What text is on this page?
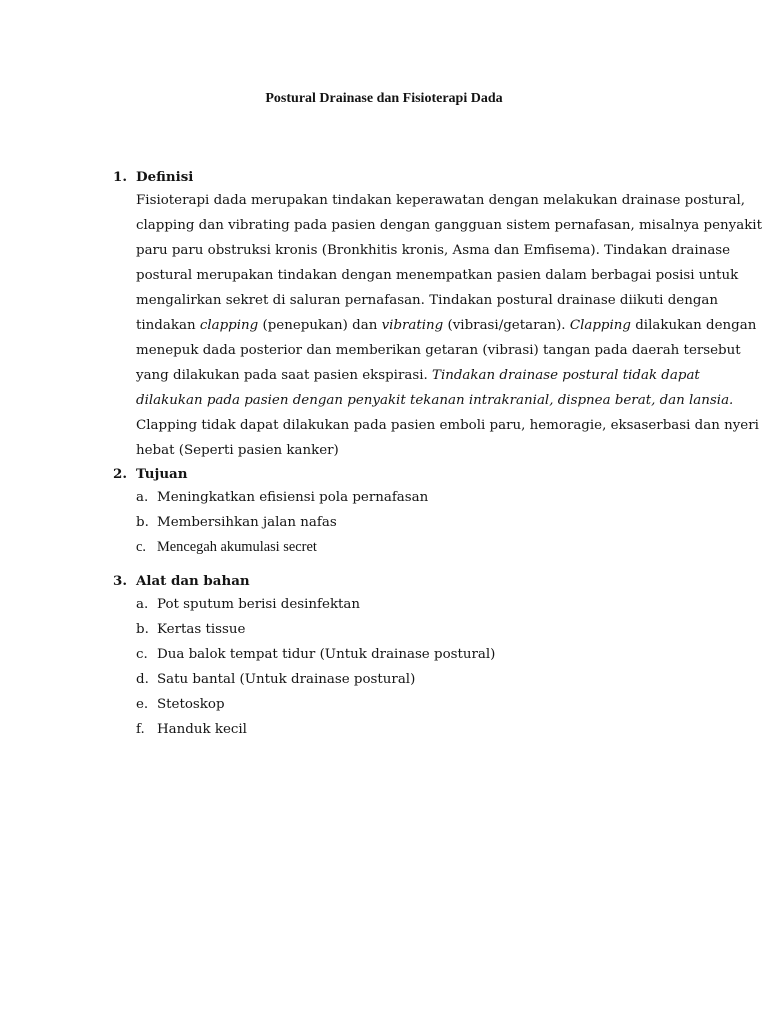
Postural Drainase dan Fisioterapi Dada
1. Definisi
Fisioterapi dada merupakan tindakan keperawatan dengan melakukan drainase postural,
clapping dan vibrating pada pasien dengan gangguan sistem pernafasan, misalnya penyakit
paru paru obstruksi kronis (Bronkhitis kronis, Asma dan Emfisema). Tindakan drainase
postural merupakan tindakan dengan menempatkan pasien dalam berbagai posisi untuk
mengalirkan sekret di saluran pernafasan. Tindakan postural drainase diikuti dengan
tindakan clapping (penepukan) dan vibrating (vibrasi/getaran). Clapping dilakukan dengan
menepuk dada posterior dan memberikan getaran (vibrasi) tangan pada daerah tersebut
yang dilakukan pada saat pasien ekspirasi. Tindakan drainase postural tidak dapat
dilakukan pada pasien dengan penyakit tekanan intrakranial, dispnea berat, dan lansia.
Clapping tidak dapat dilakukan pada pasien emboli paru, hemoragie, eksaserbasi dan nyeri
hebat (Seperti pasien kanker)
2. Tujuan
a. Meningkatkan efisiensi pola pernafasan
b. Membersihkan jalan nafas
c. Mencegah akumulasi secret
3. Alat dan bahan
a. Pot sputum berisi desinfektan
b. Kertas tissue
c. Dua balok tempat tidur (Untuk drainase postural)
d. Satu bantal (Untuk drainase postural)
e. Stetoskop
f. Handuk kecil
